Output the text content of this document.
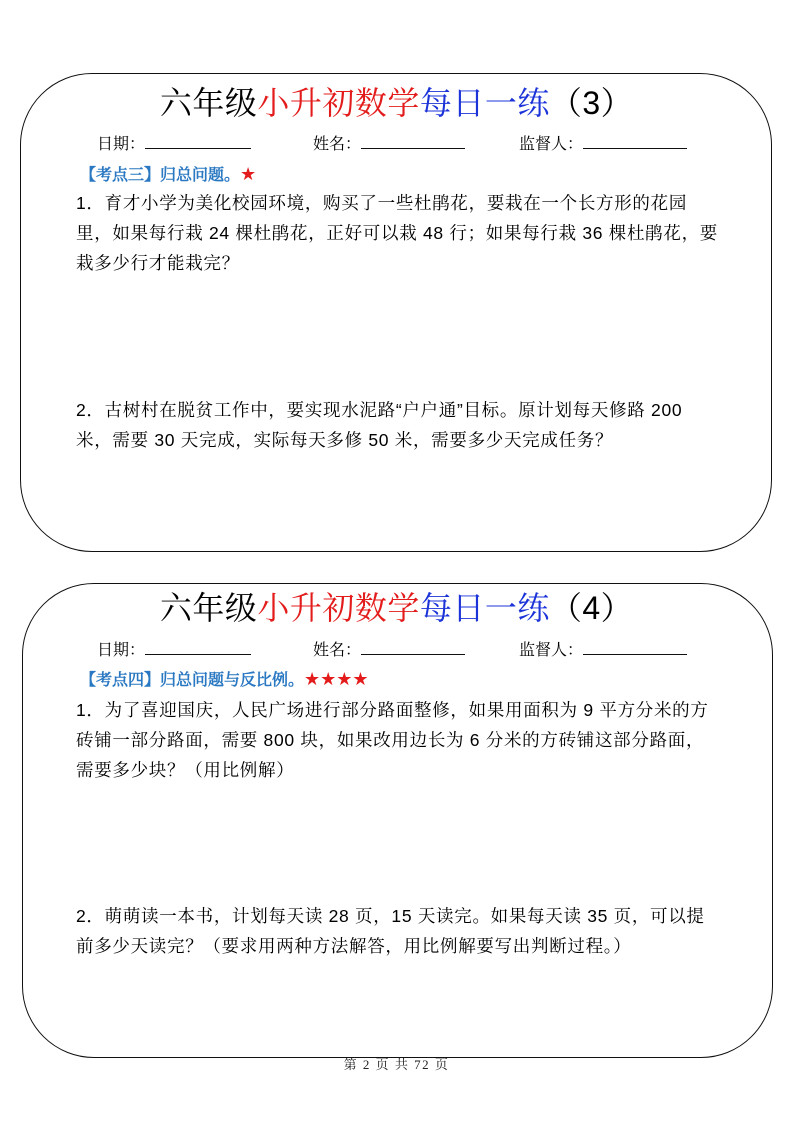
六年级小升初数学每日一练（3）
日期：	姓名：	监督人：
【考点三】归总问题。★
1．育才小学为美化校园环境，购买了一些杜鹃花，要栽在一个长方形的花园
里，如果每行栽 24 棵杜鹃花，正好可以栽 48 行；如果每行栽 36 棵杜鹃花，要
栽多少行才能栽完？
2．古树村在脱贫工作中，要实现水泥路“户户通”目标。原计划每天修路 200
米，需要 30 天完成，实际每天多修 50 米，需要多少天完成任务？
六年级小升初数学每日一练（4）
日期：	姓名：	监督人：
【考点四】归总问题与反比例。★★★★
1．为了喜迎国庆，人民广场进行部分路面整修，如果用面积为 9 平方分米的方
砖铺一部分路面，需要 800 块，如果改用边长为 6 分米的方砖铺这部分路面，
需要多少块？（用比例解）
2．萌萌读一本书，计划每天读 28 页，15 天读完。如果每天读 35 页，可以提
前多少天读完？（要求用两种方法解答，用比例解要写出判断过程。）
第 2 页 共 72 页
